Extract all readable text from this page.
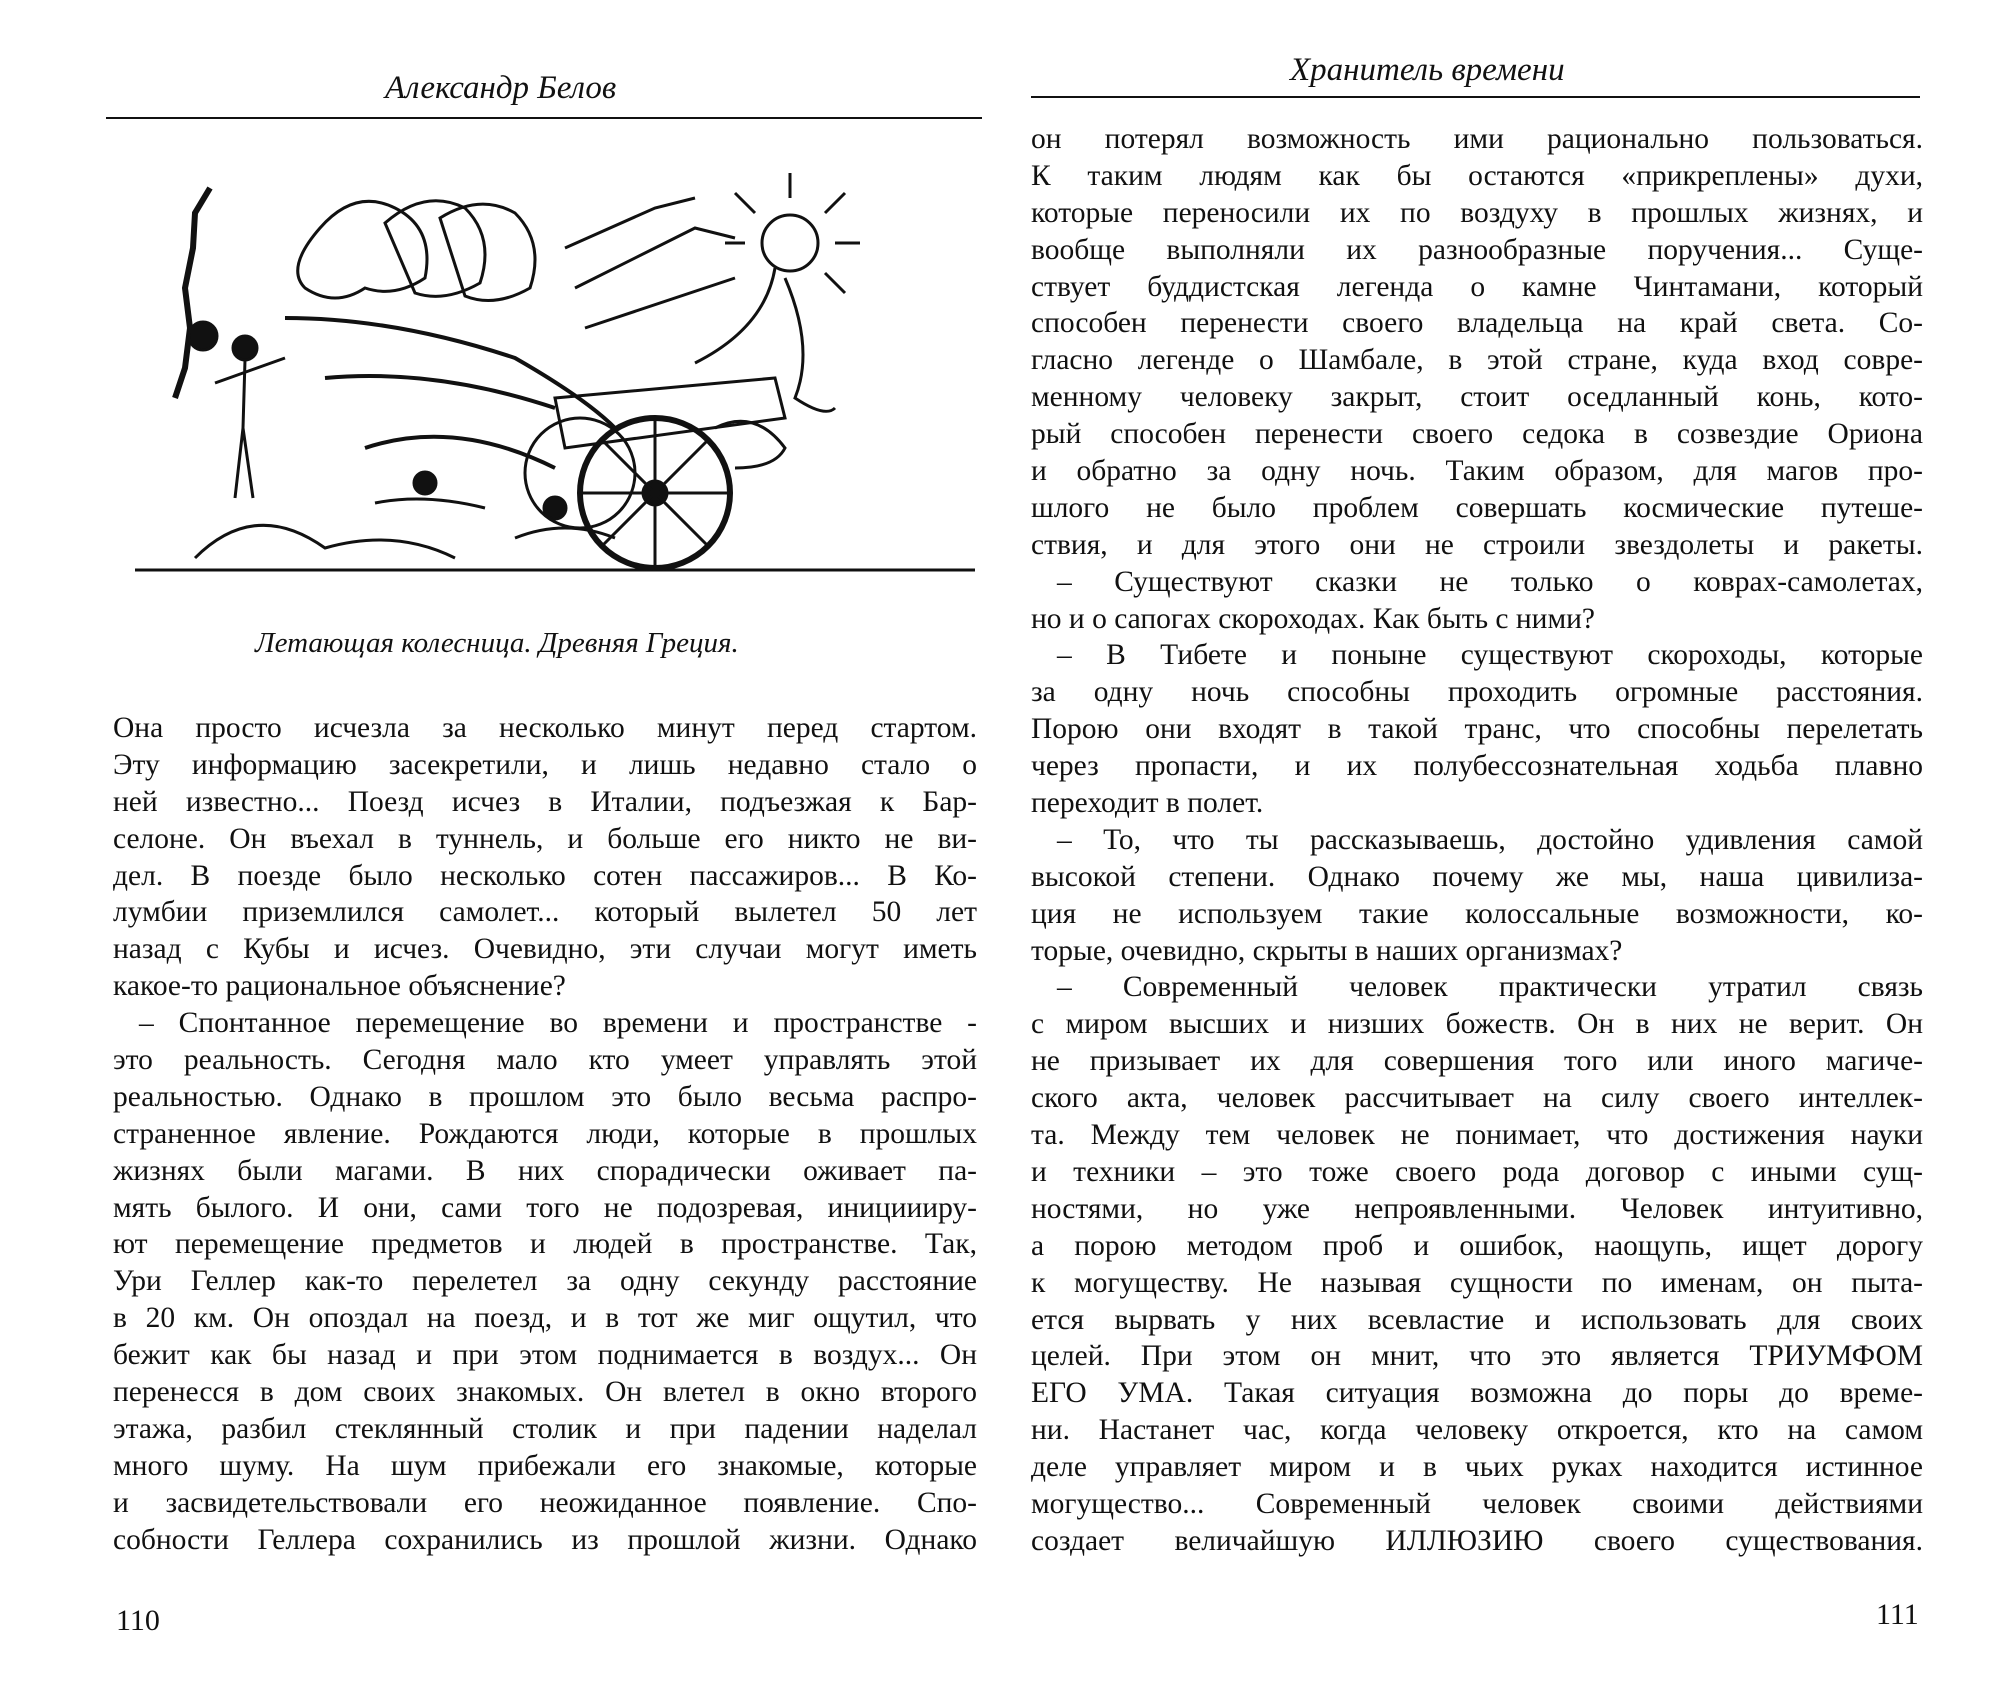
Александр Белов
Летающая колесница. Древняя Греция.
Она просто исчезла за несколько минут перед стартом.
Эту информацию засекретили, и лишь недавно стало о
ней известно... Поезд исчез в Италии, подъезжая к Бар-
селоне. Он въехал в туннель, и больше его никто не ви-
дел. В поезде было несколько сотен пассажиров... В Ко-
лумбии приземлился самолет... который вылетел 50 лет
назад с Кубы и исчез. Очевидно, эти случаи могут иметь
какое-то рациональное объяснение?
– Спонтанное перемещение во времени и пространстве -
это реальность. Сегодня мало кто умеет управлять этой
реальностью. Однако в прошлом это было весьма распро-
страненное явление. Рождаются люди, которые в прошлых
жизнях были магами. В них спорадически оживает па-
мять былого. И они, сами того не подозревая, инициииру-
ют перемещение предметов и людей в пространстве. Так,
Ури Геллер как-то перелетел за одну секунду расстояние
в 20 км. Он опоздал на поезд, и в тот же миг ощутил, что
бежит как бы назад и при этом поднимается в воздух... Он
перенесся в дом своих знакомых. Он влетел в окно второго
этажа, разбил стеклянный столик и при падении наделал
много шуму. На шум прибежали его знакомые, которые
и засвидетельствовали его неожиданное появление. Спо-
собности Геллера сохранились из прошлой жизни. Однако
110
Хранитель времени
он потерял возможность ими рационально пользоваться.
К таким людям как бы остаются «прикреплены» духи,
которые переносили их по воздуху в прошлых жизнях, и
вообще выполняли их разнообразные поручения... Суще-
ствует буддистская легенда о камне Чинтамани, который
способен перенести своего владельца на край света. Со-
гласно легенде о Шамбале, в этой стране, куда вход совре-
менному человеку закрыт, стоит оседланный конь, кото-
рый способен перенести своего седока в созвездие Ориона
и обратно за одну ночь. Таким образом, для магов про-
шлого не было проблем совершать космические путеше-
ствия, и для этого они не строили звездолеты и ракеты.
– Существуют сказки не только о коврах-самолетах,
но и о сапогах скороходах. Как быть с ними?
– В Тибете и поныне существуют скороходы, которые
за одну ночь способны проходить огромные расстояния.
Порою они входят в такой транс, что способны перелетать
через пропасти, и их полубессознательная ходьба плавно
переходит в полет.
– То, что ты рассказываешь, достойно удивления самой
высокой степени. Однако почему же мы, наша цивилиза-
ция не используем такие колоссальные возможности, ко-
торые, очевидно, скрыты в наших организмах?
– Современный человек практически утратил связь
с миром высших и низших божеств. Он в них не верит. Он
не призывает их для совершения того или иного магиче-
ского акта, человек рассчитывает на силу своего интеллек-
та. Между тем человек не понимает, что достижения науки
и техники – это тоже своего рода договор с иными сущ-
ностями, но уже непроявленными. Человек интуитивно,
а порою методом проб и ошибок, наощупь, ищет дорогу
к могуществу. Не называя сущности по именам, он пыта-
ется вырвать у них всевластие и использовать для своих
целей. При этом он мнит, что это является ТРИУМФОМ
ЕГО УМА. Такая ситуация возможна до поры до време-
ни. Настанет час, когда человеку откроется, кто на самом
деле управляет миром и в чьих руках находится истинное
могущество... Современный человек своими действиями
создает величайшую ИЛЛЮЗИЮ своего существования.
111
